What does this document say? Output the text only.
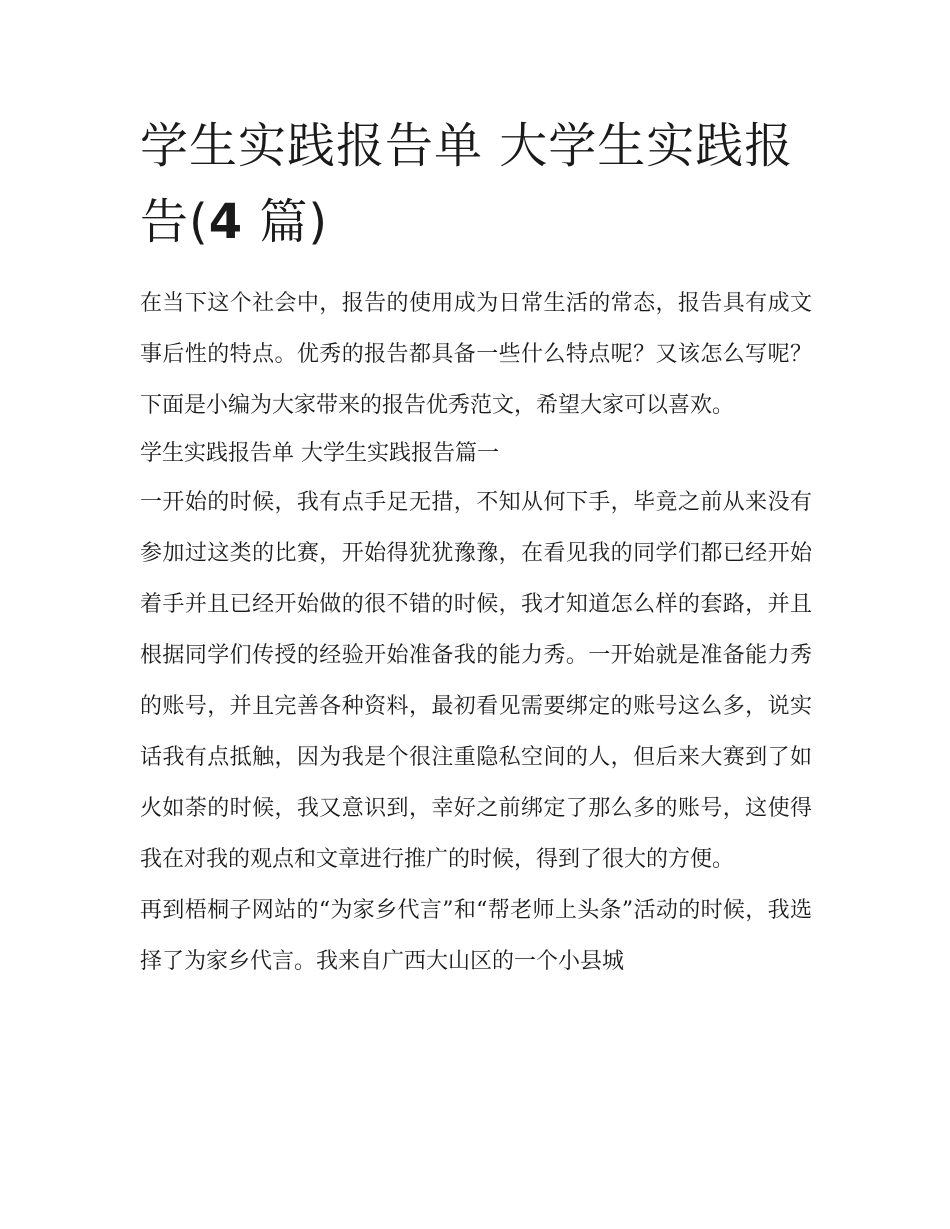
学生实践报告单 大学生实践报告(4 篇)

在当下这个社会中，报告的使用成为日常生活的常态，报告具有成文事后性的特点。优秀的报告都具备一些什么特点呢？又该怎么写呢？下面是小编为大家带来的报告优秀范文，希望大家可以喜欢。

学生实践报告单 大学生实践报告篇一

一开始的时候，我有点手足无措，不知从何下手，毕竟之前从来没有参加过这类的比赛，开始得犹犹豫豫，在看见我的同学们都已经开始着手并且已经开始做的很不错的时候，我才知道怎么样的套路，并且根据同学们传授的经验开始准备我的能力秀。一开始就是准备能力秀的账号，并且完善各种资料，最初看见需要绑定的账号这么多，说实话我有点抵触，因为我是个很注重隐私空间的人，但后来大赛到了如火如荼的时候，我又意识到，幸好之前绑定了那么多的账号，这使得我在对我的观点和文章进行推广的时候，得到了很大的方便。

再到梧桐子网站的“为家乡代言”和“帮老师上头条”活动的时候，我选择了为家乡代言。我来自广西大山区的一个小县城
